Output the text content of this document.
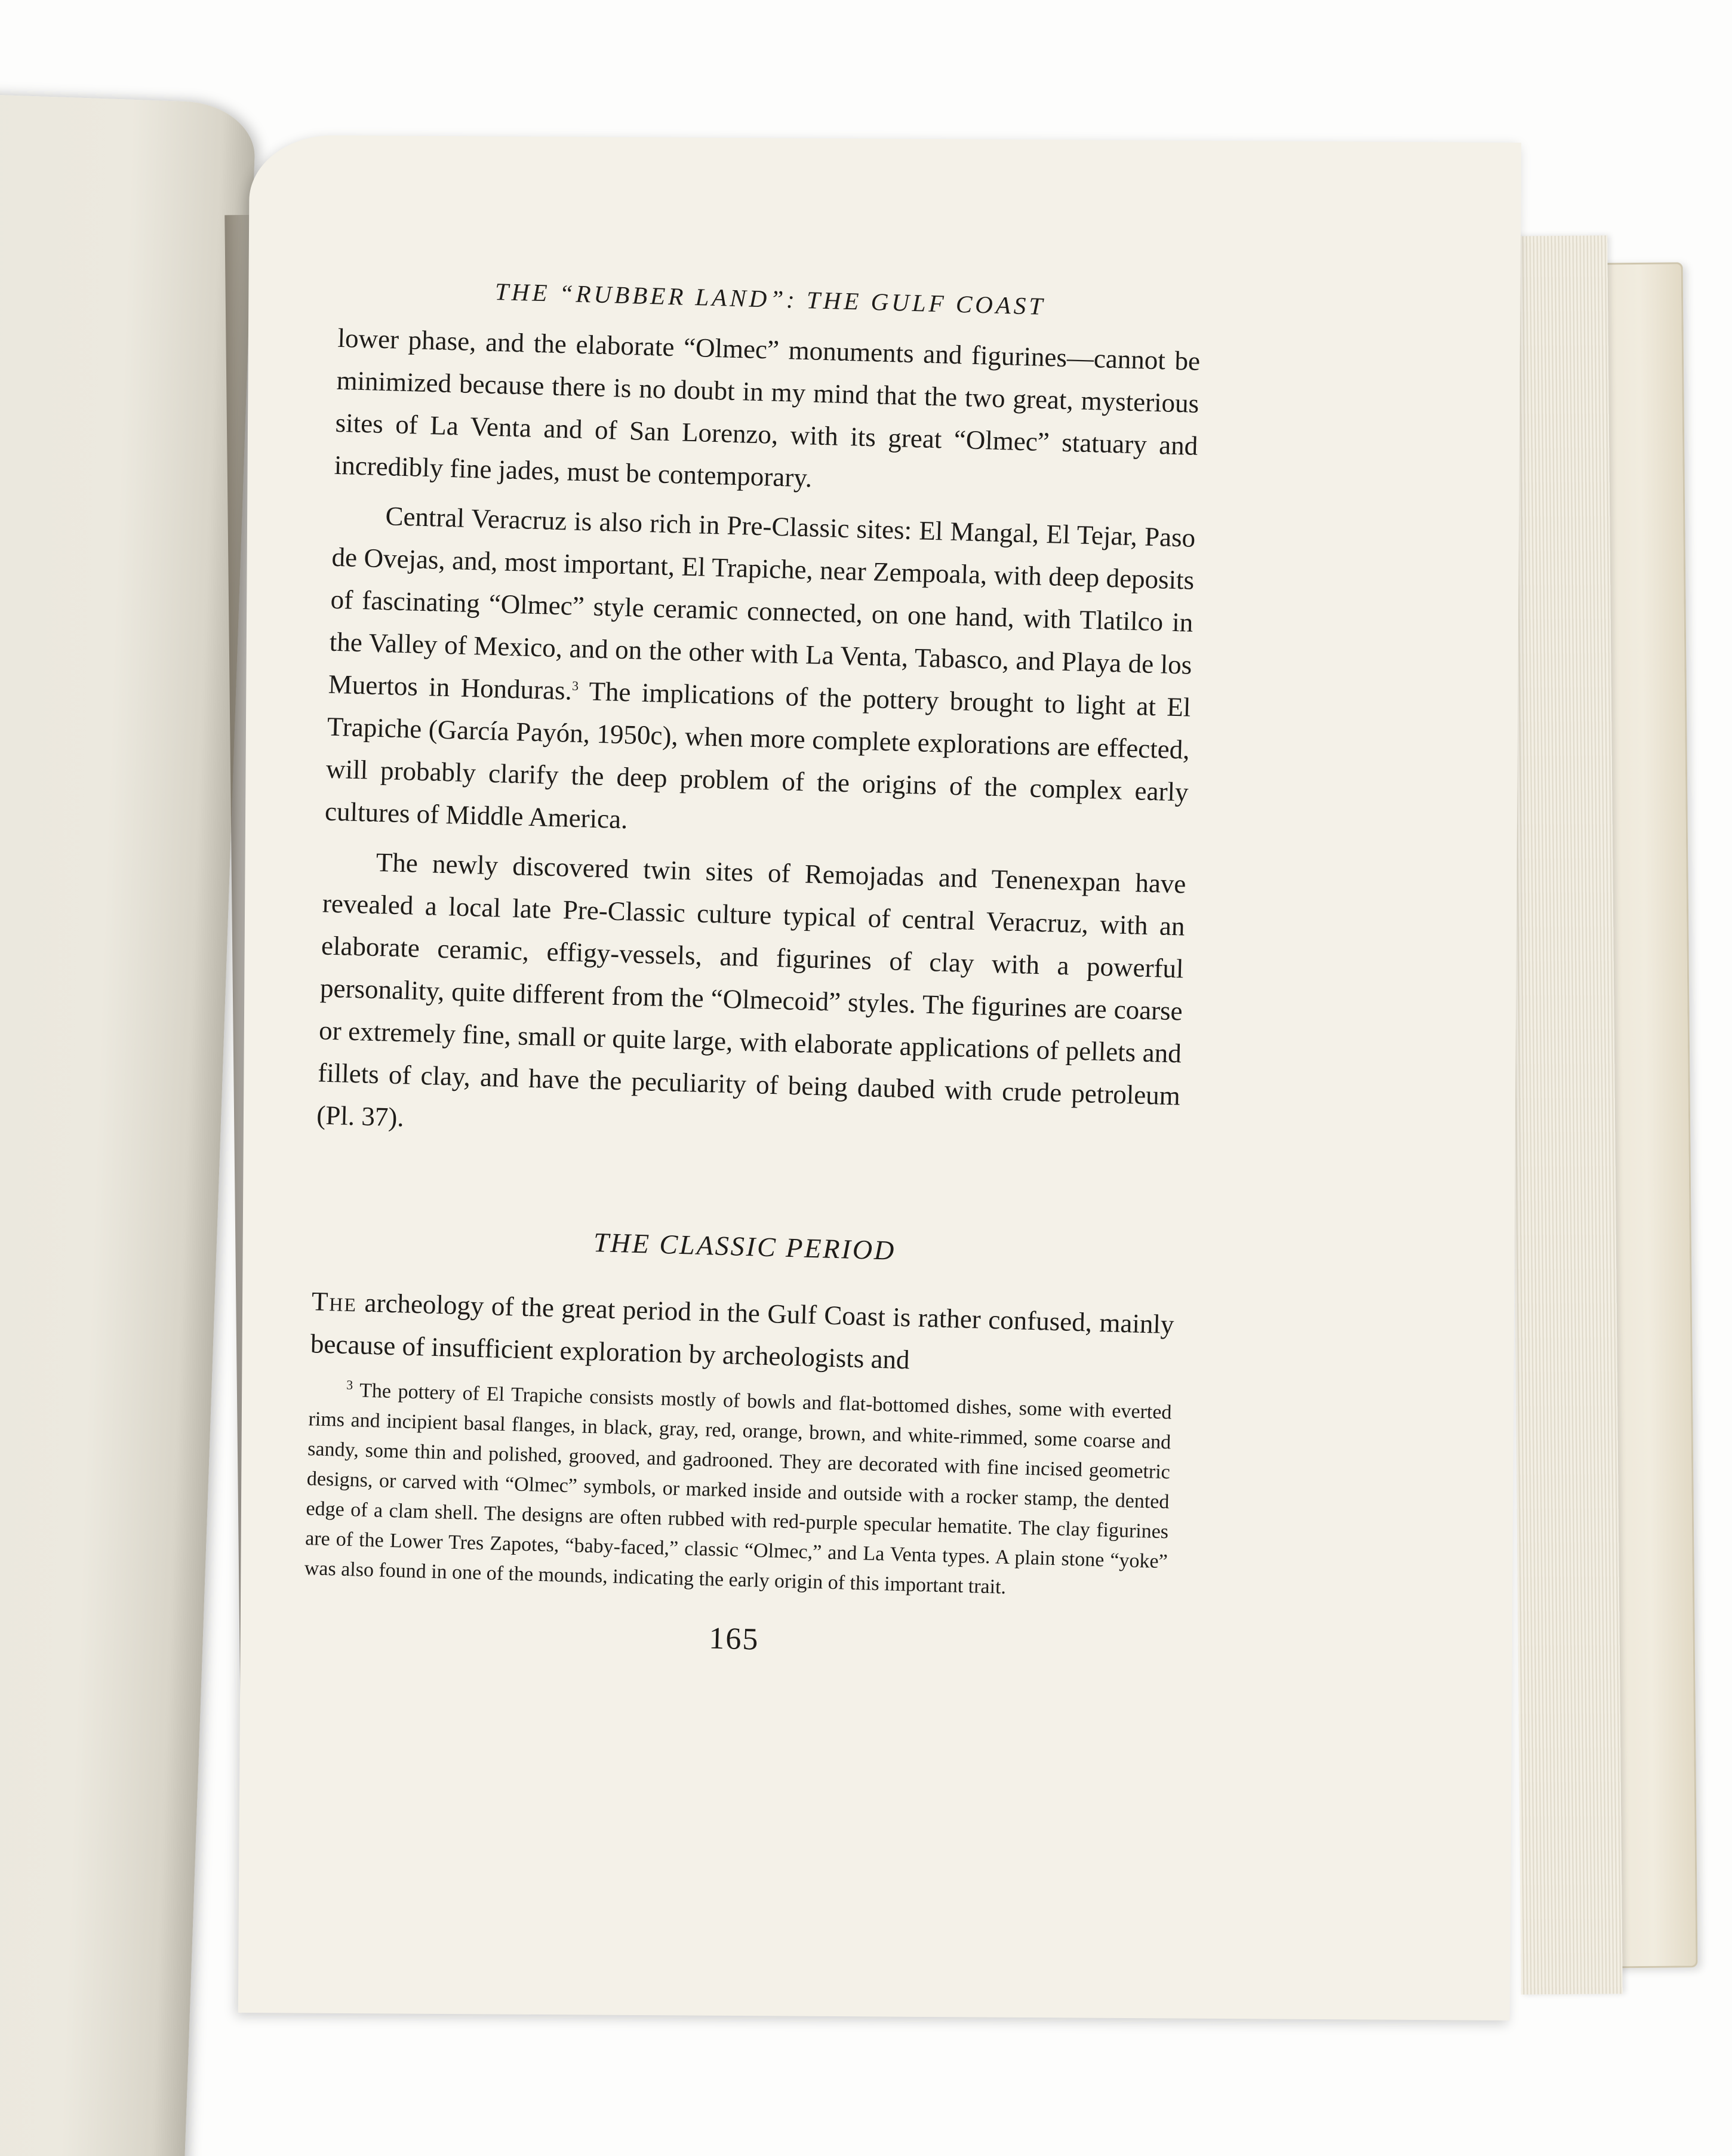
THE “RUBBER LAND”: THE GULF COAST

lower phase, and the elaborate “Olmec” monuments and figurines—cannot be minimized because there is no doubt in my mind that the two great, mysterious sites of La Venta and of San Lorenzo, with its great “Olmec” statuary and incredibly fine jades, must be contemporary.

Central Veracruz is also rich in Pre-Classic sites: El Mangal, El Tejar, Paso de Ovejas, and, most important, El Trapiche, near Zempoala, with deep deposits of fascinating “Olmec” style ceramic connected, on one hand, with Tlatilco in the Valley of Mexico, and on the other with La Venta, Tabasco, and Playa de los Muertos in Honduras.$^3$ The implications of the pottery brought to light at El Trapiche (García Payón, 1950c), when more complete explorations are effected, will probably clarify the deep problem of the origins of the complex early cultures of Middle America.

The newly discovered twin sites of Remojadas and Tenenexpan have revealed a local late Pre-Classic culture typical of central Veracruz, with an elaborate ceramic, effigy-vessels, and figurines of clay with a powerful personality, quite different from the “Olmecoid” styles. The figurines are coarse or extremely fine, small or quite large, with elaborate applications of pellets and fillets of clay, and have the peculiarity of being daubed with crude petroleum (Pl. 37).

THE CLASSIC PERIOD

The archeology of the great period in the Gulf Coast is rather confused, mainly because of insufficient exploration by archeologists and

$^3$ The pottery of El Trapiche consists mostly of bowls and flat-bottomed dishes, some with everted rims and incipient basal flanges, in black, gray, red, orange, brown, and white-rimmed, some coarse and sandy, some thin and polished, grooved, and gadrooned. They are decorated with fine incised geometric designs, or carved with “Olmec” symbols, or marked inside and outside with a rocker stamp, the dented edge of a clam shell. The designs are often rubbed with red-purple specular hematite. The clay figurines are of the Lower Tres Zapotes, “baby-faced,” classic “Olmec,” and La Venta types. A plain stone “yoke” was also found in one of the mounds, indicating the early origin of this important trait.

165
